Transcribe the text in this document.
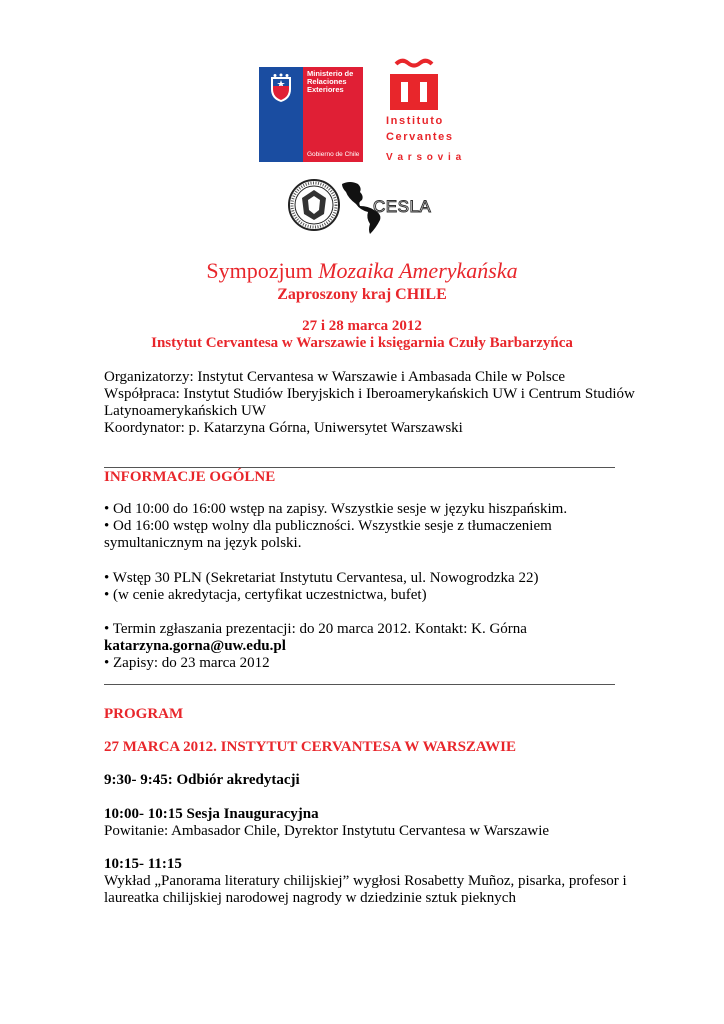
Ministerio de
Relaciones
Exteriores
Gobierno de Chile
Instituto
Cervantes
V a r s o v i a
CESLA
Sympozjum Mozaika Amerykańska
Zaproszony kraj CHILE
27 i 28 marca 2012
Instytut Cervantesa w Warszawie i księgarnia Czuły Barbarzyńca
Organizatorzy: Instytut Cervantesa w Warszawie i Ambasada Chile w Polsce
Współpraca: Instytut Studiów Iberyjskich i Iberoamerykańskich UW i Centrum Studiów
Latynoamerykańskich UW
Koordynator: p. Katarzyna Górna, Uniwersytet Warszawski
INFORMACJE OGÓLNE
• Od 10:00 do 16:00 wstęp na zapisy. Wszystkie sesje w języku hiszpańskim.
• Od 16:00 wstęp wolny dla publiczności. Wszystkie sesje z tłumaczeniem
symultanicznym na język polski.
• Wstęp 30 PLN (Sekretariat Instytutu Cervantesa, ul. Nowogrodzka 22)
• (w cenie akredytacja, certyfikat uczestnictwa, bufet)
• Termin zgłaszania prezentacji: do 20 marca 2012. Kontakt: K. Górna
katarzyna.gorna@uw.edu.pl
• Zapisy: do 23 marca 2012
PROGRAM
27 MARCA 2012. INSTYTUT CERVANTESA W WARSZAWIE
9:30- 9:45: Odbiór akredytacji
10:00- 10:15 Sesja Inauguracyjna
Powitanie: Ambasador Chile, Dyrektor Instytutu Cervantesa w Warszawie
10:15- 11:15
Wykład „Panorama literatury chilijskiej” wygłosi Rosabetty Muñoz, pisarka, profesor i
laureatka chilijskiej narodowej nagrody w dziedzinie sztuk pieknych
